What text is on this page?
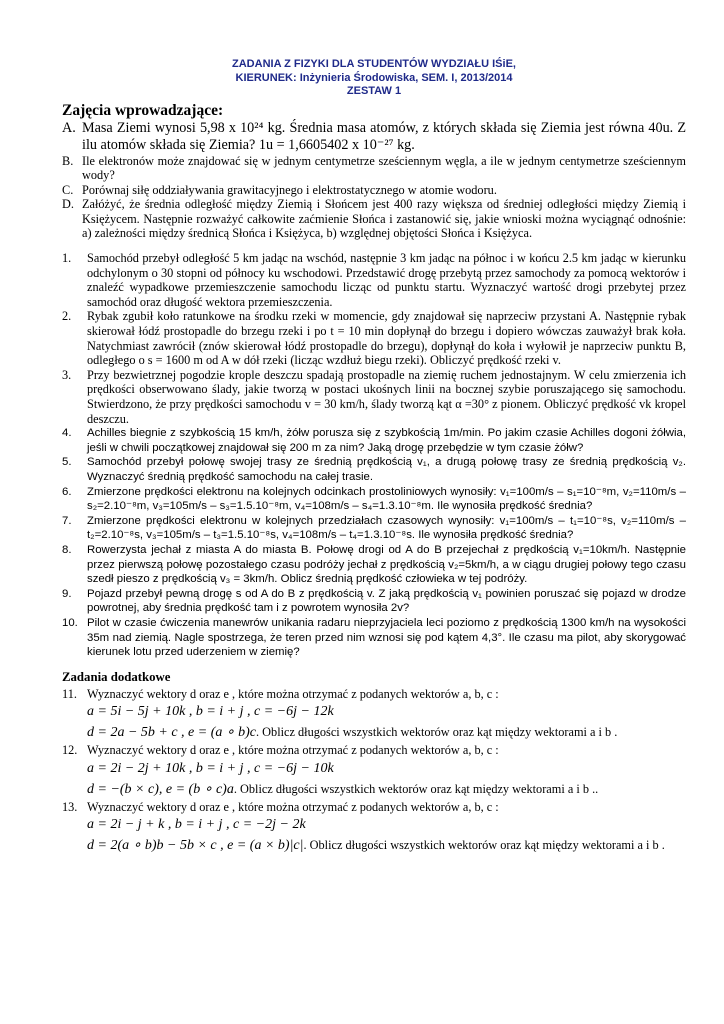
ZADANIA Z FIZYKI DLA STUDENTÓW WYDZIAŁU IŚiE,
KIERUNEK: Inżynieria Środowiska, SEM. I, 2013/2014
ZESTAW 1
Zajęcia wprowadzające:
A. Masa Ziemi wynosi 5,98 x 10²⁴ kg. Średnia masa atomów, z których składa się Ziemia jest równa 40u. Z ilu atomów składa się Ziemia? 1u = 1,6605402 x 10⁻²⁷ kg.
B. Ile elektronów może znajdować się w jednym centymetrze sześciennym węgla, a ile w jednym centymetrze sześciennym wody?
C. Porównaj siłę oddziaływania grawitacyjnego i elektrostatycznego w atomie wodoru.
D. Załóżyć, że średnia odległość między Ziemią i Słońcem jest 400 razy większa od średniej odległości między Ziemią i Księżycem. Następnie rozważyć całkowite zaćmienie Słońca i zastanowić się, jakie wnioski można wyciągnąć odnośnie: a) zależności między średnicą Słońca i Księżyca, b) względnej objętości Słońca i Księżyca.
1.	Samochód przebył odległość 5 km jadąc na wschód, następnie 3 km jadąc na północ i w końcu 2.5 km jadąc w kierunku odchylonym o 30 stopni od północy ku wschodowi. Przedstawić drogę przebytą przez samochody za pomocą wektorów i znaleźć wypadkowe przemieszczenie samochodu licząc od punktu startu. Wyznaczyć wartość drogi przebytej przez samochód oraz długość wektora przemieszczenia.
2.	Rybak zgubił koło ratunkowe na środku rzeki w momencie, gdy znajdował się naprzeciw przystani A. Następnie rybak skierował łódź prostopadle do brzegu rzeki i po t = 10 min dopłynął do brzegu i dopiero wówczas zauważył brak koła. Natychmiast zawrócił (znów skierował łódź prostopadle do brzegu), dopłynął do koła i wyłowił je naprzeciw punktu B, odległego o s = 1600 m od A w dół rzeki (licząc wzdłuż biegu rzeki). Obliczyć prędkość rzeki v.
3.	Przy bezwietrznej pogodzie krople deszczu spadają prostopadle na ziemię ruchem jednostajnym. W celu zmierzenia ich prędkości obserwowano ślady, jakie tworzą w postaci ukośnych linii na bocznej szybie poruszającego się samochodu. Stwierdzono, że przy prędkości samochodu v = 30 km/h, ślady tworzą kąt α =30° z pionem. Obliczyć prędkość vk kropel deszczu.
4.	Achilles biegnie z szybkością 15 km/h, żółw porusza się z szybkością 1m/min. Po jakim czasie Achilles dogoni żółwia, jeśli w chwili początkowej znajdował się 200 m za nim? Jaką drogę przebędzie w tym czasie żółw?
5.	Samochód przebył połowę swojej trasy ze średnią prędkością v₁, a drugą połowę trasy ze średnią prędkością v₂. Wyznaczyć średnią prędkość samochodu na całej trasie.
6.	Zmierzone prędkości elektronu na kolejnych odcinkach prostoliniowych wynosiły: v₁=100m/s – s₁=10⁻⁸m, v₂=110m/s – s₂=2.10⁻⁸m, v₃=105m/s – s₃=1.5.10⁻⁸m, v₄=108m/s – s₄=1.3.10⁻⁸m. Ile wynosiła prędkość średnia?
7.	Zmierzone prędkości elektronu w kolejnych przedziałach czasowych wynosiły: v₁=100m/s – t₁=10⁻⁸s, v₂=110m/s – t₂=2.10⁻⁸s, v₃=105m/s – t₃=1.5.10⁻⁸s, v₄=108m/s – t₄=1.3.10⁻⁸s. Ile wynosiła prędkość średnia?
8.	Rowerzysta jechał z miasta A do miasta B. Połowę drogi od A do B przejechał z prędkością v₁=10km/h. Następnie przez pierwszą połowę pozostałego czasu podróży jechał z prędkością v₂=5km/h, a w ciągu drugiej połowy tego czasu szedł pieszo z prędkością v₃ = 3km/h. Oblicz średnią prędkość człowieka w tej podróży.
9.	Pojazd przebył pewną drogę s od A do B z prędkością v. Z jaką prędkością v₁ powinien poruszać się pojazd w drodze powrotnej, aby średnia prędkość tam i z powrotem wynosiła 2v?
10. Pilot w czasie ćwiczenia manewrów unikania radaru nieprzyjaciela leci poziomo z prędkością 1300 km/h na wysokości 35m nad ziemią. Nagle spostrzega, że teren przed nim wznosi się pod kątem 4,3°. Ile czasu ma pilot, aby skorygować kierunek lotu przed uderzeniem w ziemię?
Zadania dodatkowe
11. Wyznaczyć wektory d oraz e , które można otrzymać z podanych wektorów a, b, c :
a = 5i − 5j + 10k , b = i + j , c = −6j − 12k
d = 2a − 5b + c , e = (a ∘ b)c. Oblicz długości wszystkich wektorów oraz kąt między wektorami a i b .
12. Wyznaczyć wektory d oraz e , które można otrzymać z podanych wektorów a, b, c :
a = 2i − 2j + 10k , b = i + j , c = −6j − 10k
d = −(b × c), e = (b ∘ c)a. Oblicz długości wszystkich wektorów oraz kąt między wektorami a i b ..
13. Wyznaczyć wektory d oraz e , które można otrzymać z podanych wektorów a, b, c :
a = 2i − j + k , b = i + j , c = −2j − 2k
d = 2(a ∘ b)b − 5b × c , e = (a × b)|c|. Oblicz długości wszystkich wektorów oraz kąt między wektorami a i b .
